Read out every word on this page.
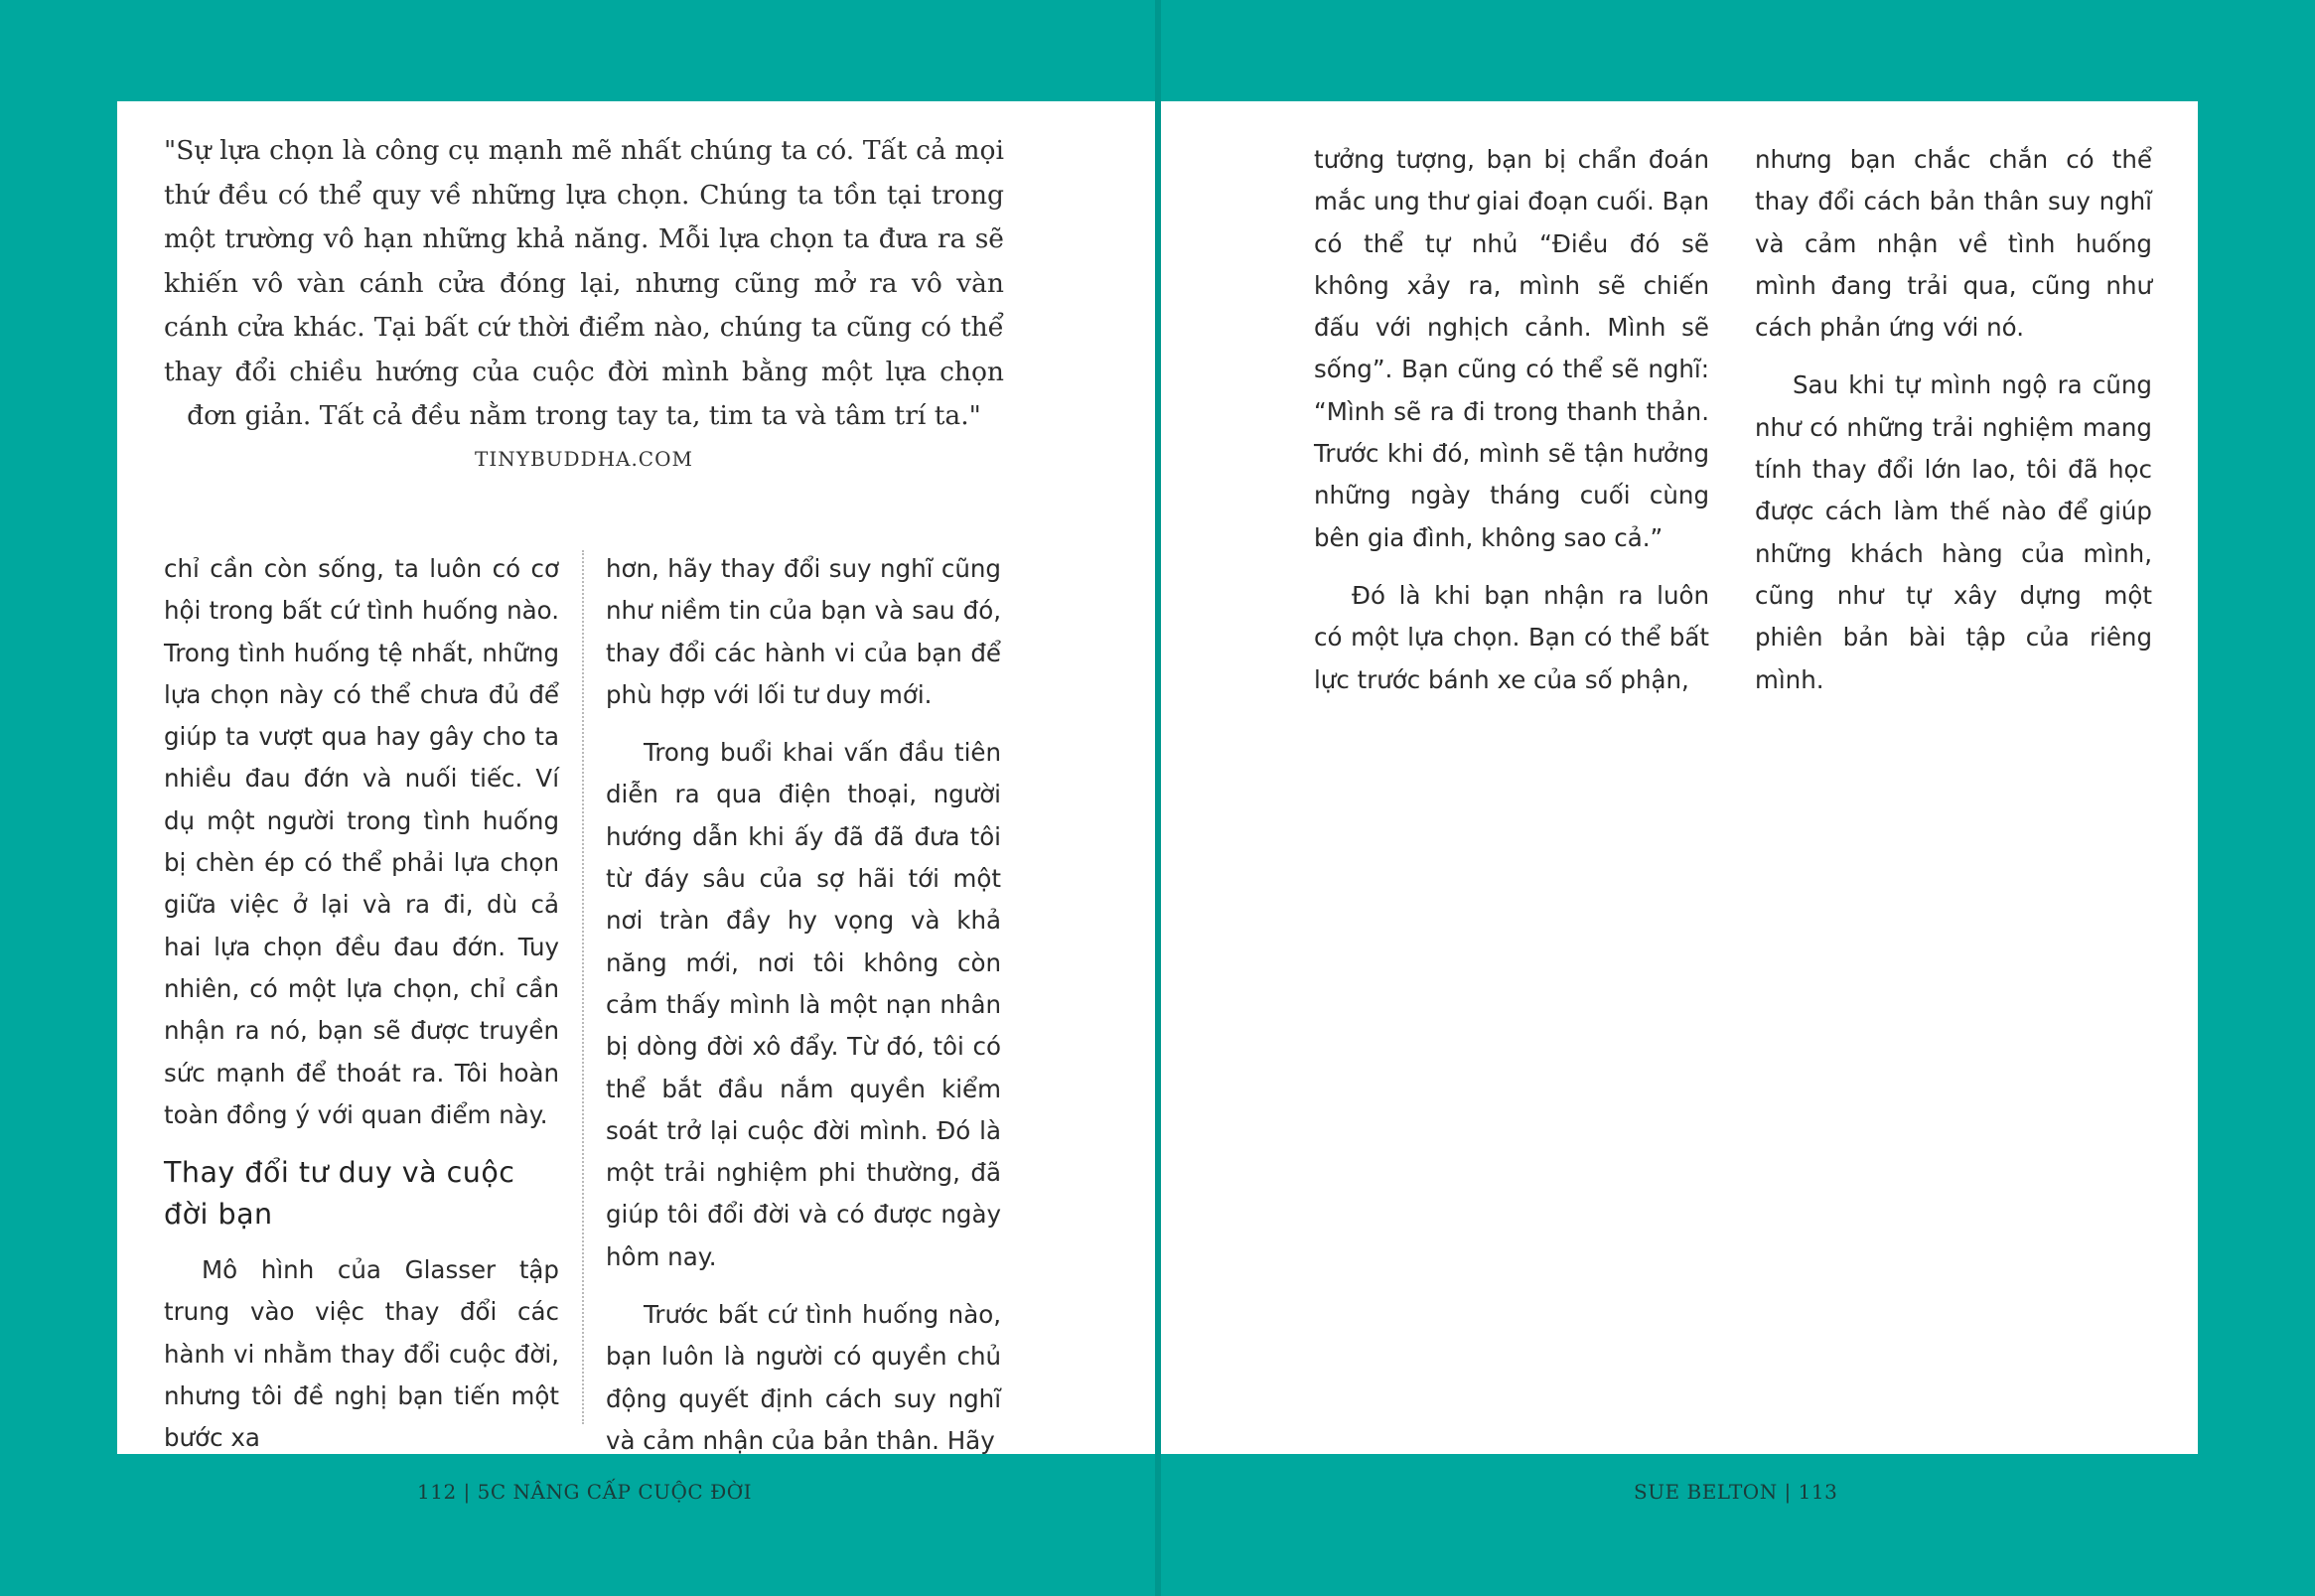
"Sự lựa chọn là công cụ mạnh mẽ nhất chúng ta có. Tất cả mọi thứ đều có thể quy về những lựa chọn. Chúng ta tồn tại trong một trường vô hạn những khả năng. Mỗi lựa chọn ta đưa ra sẽ khiến vô vàn cánh cửa đóng lại, nhưng cũng mở ra vô vàn cánh cửa khác. Tại bất cứ thời điểm nào, chúng ta cũng có thể thay đổi chiều hướng của cuộc đời mình bằng một lựa chọn đơn giản. Tất cả đều nằm trong tay ta, tim ta và tâm trí ta."
TINYBUDDHA.COM

chỉ cần còn sống, ta luôn có cơ hội trong bất cứ tình huống nào. Trong tình huống tệ nhất, những lựa chọn này có thể chưa đủ để giúp ta vượt qua hay gây cho ta nhiều đau đớn và nuối tiếc. Ví dụ một người trong tình huống bị chèn ép có thể phải lựa chọn giữa việc ở lại và ra đi, dù cả hai lựa chọn đều đau đớn. Tuy nhiên, có một lựa chọn, chỉ cần nhận ra nó, bạn sẽ được truyền sức mạnh để thoát ra. Tôi hoàn toàn đồng ý với quan điểm này.

Thay đổi tư duy và cuộc đời bạn

Mô hình của Glasser tập trung vào việc thay đổi các hành vi nhằm thay đổi cuộc đời, nhưng tôi đề nghị bạn tiến một bước xa

hơn, hãy thay đổi suy nghĩ cũng như niềm tin của bạn và sau đó, thay đổi các hành vi của bạn để phù hợp với lối tư duy mới.

Trong buổi khai vấn đầu tiên diễn ra qua điện thoại, người hướng dẫn khi ấy đã đã đưa tôi từ đáy sâu của sợ hãi tới một nơi tràn đầy hy vọng và khả năng mới, nơi tôi không còn cảm thấy mình là một nạn nhân bị dòng đời xô đẩy. Từ đó, tôi có thể bắt đầu nắm quyền kiểm soát trở lại cuộc đời mình. Đó là một trải nghiệm phi thường, đã giúp tôi đổi đời và có được ngày hôm nay.

Trước bất cứ tình huống nào, bạn luôn là người có quyền chủ động quyết định cách suy nghĩ và cảm nhận của bản thân. Hãy

tưởng tượng, bạn bị chẩn đoán mắc ung thư giai đoạn cuối. Bạn có thể tự nhủ “Điều đó sẽ không xảy ra, mình sẽ chiến đấu với nghịch cảnh. Mình sẽ sống”. Bạn cũng có thể sẽ nghĩ: “Mình sẽ ra đi trong thanh thản. Trước khi đó, mình sẽ tận hưởng những ngày tháng cuối cùng bên gia đình, không sao cả.”

Đó là khi bạn nhận ra luôn có một lựa chọn. Bạn có thể bất lực trước bánh xe của số phận,

nhưng bạn chắc chắn có thể thay đổi cách bản thân suy nghĩ và cảm nhận về tình huống mình đang trải qua, cũng như cách phản ứng với nó.

Sau khi tự mình ngộ ra cũng như có những trải nghiệm mang tính thay đổi lớn lao, tôi đã học được cách làm thế nào để giúp những khách hàng của mình, cũng như tự xây dựng một phiên bản bài tập của riêng mình.

112 | 5C NÂNG CẤP CUỘC ĐỜI	SUE BELTON | 113
